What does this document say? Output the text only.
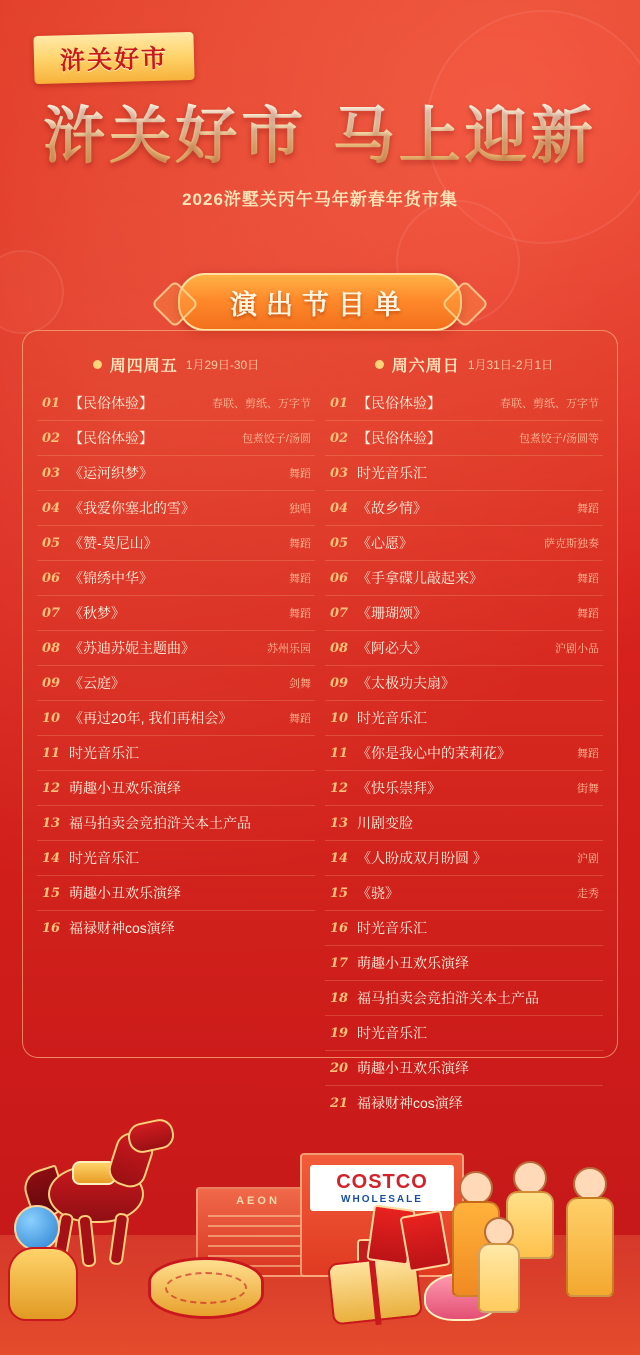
浒关好市
浒关好市 马上迎新
2026浒墅关丙午马年新春年货市集
演出节目单
周四周五 1月29日-30日
01 【民俗体验】	春联、剪纸、万字节
02 【民俗体验】	包煮饺子/汤圆
03 《运河织梦》	舞蹈
04 《我爱你塞北的雪》	独唱
05 《赞-莫尼山》	舞蹈
06 《锦绣中华》	舞蹈
07 《秋梦》	舞蹈
08 《苏迪苏妮主题曲》	苏州乐园
09 《云庭》	剑舞
10 《再过20年, 我们再相会》	舞蹈
11 时光音乐汇
12 萌趣小丑欢乐演绎
13 福马拍卖会竞拍浒关本土产品
14 时光音乐汇
15 萌趣小丑欢乐演绎
16 福禄财神cos演绎
周六周日 1月31日-2月1日
01 【民俗体验】	春联、剪纸、万字节
02 【民俗体验】	包煮饺子/汤圆等
03 时光音乐汇
04 《故乡情》	舞蹈
05 《心愿》	萨克斯独奏
06 《手拿碟儿敲起来》	舞蹈
07 《珊瑚颂》	舞蹈
08 《阿必大》	沪剧小品
09 《太极功夫扇》
10 时光音乐汇
11 《你是我心中的茉莉花》	舞蹈
12 《快乐崇拜》	街舞
13 川剧变脸
14 《人盼成双月盼圆 》	沪剧
15 《骁》	走秀
16 时光音乐汇
17 萌趣小丑欢乐演绎
18 福马拍卖会竞拍浒关本土产品
19 时光音乐汇
20 萌趣小丑欢乐演绎
21 福禄财神cos演绎
AEON
COSTCO
WHOLESALE
